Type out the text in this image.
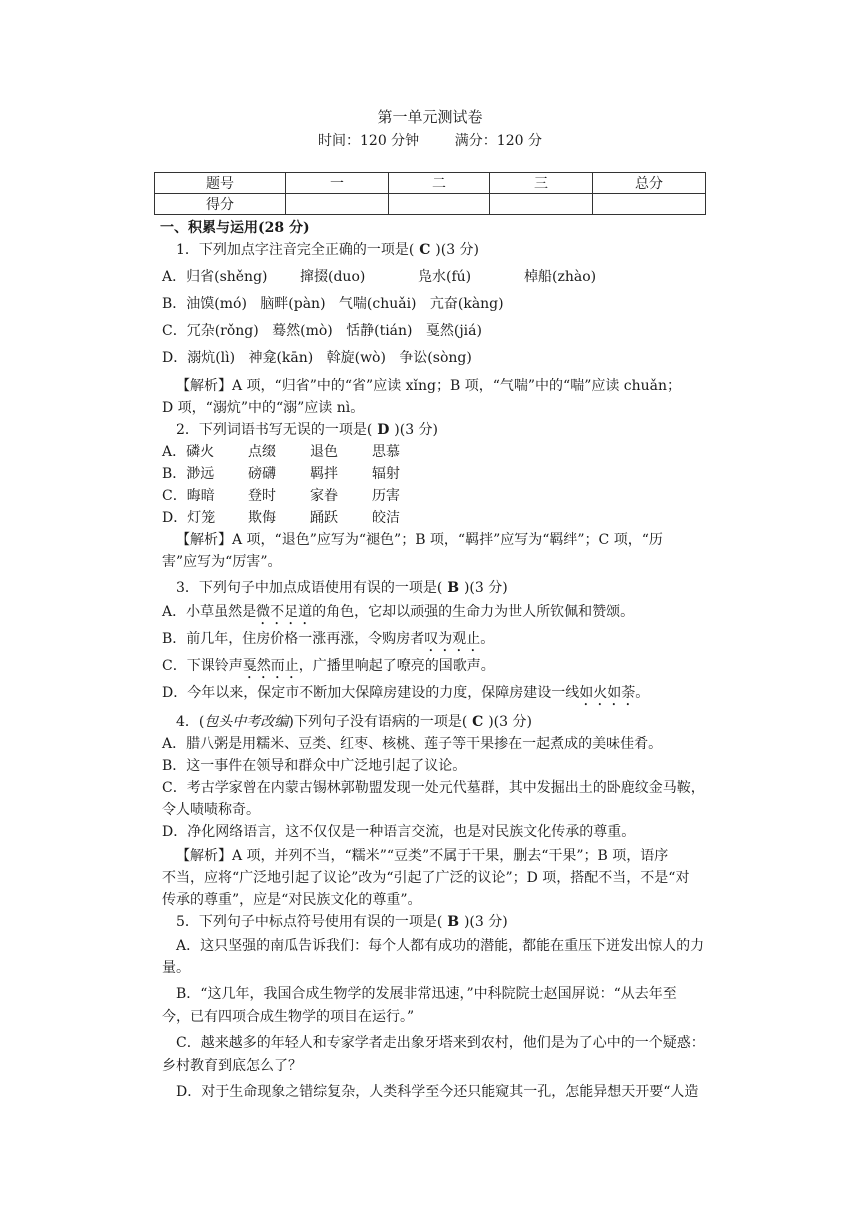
第一单元测试卷
时间：120 分钟        满分：120 分
题号	一	二	三	总分
得分				
一、积累与运用(28 分)
1．下列加点字注音完全正确的一项是( C )(3 分)
A．归省(shěng) 撺掇(duo)	凫水(fú)	棹船(zhào)
B．油馍(mó) 脑畔(pàn) 气喘(chuǎi) 亢奋(kàng)
C．冗杂(rǒng) 蓦然(mò) 恬静(tián) 戛然(jiá)
D．溺炕(lì) 神龛(kān) 斡旋(wò) 争讼(sòng)
【解析】A 项，“归省”中的“省”应读 xǐng；B 项，“气喘”中的“喘”应读 chuǎn；
D 项，“溺炕”中的“溺”应读 nì。
2．下列词语书写无误的一项是( D )(3 分)
A．磷火 点缀 退色 思慕
B．渺远 磅礴 羁拌 辐射
C．晦暗 登时 家眷 历害
D．灯笼 欺侮 踊跃 皎洁
【解析】A 项，“退色”应写为“褪色”；B 项，“羁拌”应写为“羁绊”；C 项，“历
害”应写为“厉害”。
3．下列句子中加点成语使用有误的一项是( B )(3 分)
A．小草虽然是微不足道的角色，它却以顽强的生命力为世人所钦佩和赞颂。
B．前几年，住房价格一涨再涨，令购房者叹为观止。
C．下课铃声戛然而止，广播里响起了嘹亮的国歌声。
D．今年以来，保定市不断加大保障房建设的力度，保障房建设一线如火如荼。
4．(包头中考改编)下列句子没有语病的一项是( C )(3 分)
A．腊八粥是用糯米、豆类、红枣、核桃、莲子等干果掺在一起煮成的美味佳肴。
B．这一事件在领导和群众中广泛地引起了议论。
C．考古学家曾在内蒙古锡林郭勒盟发现一处元代墓群，其中发掘出土的卧鹿纹金马鞍，
令人啧啧称奇。
D．净化网络语言，这不仅仅是一种语言交流，也是对民族文化传承的尊重。
【解析】A 项，并列不当，“糯米”“豆类”不属于干果，删去“干果”；B 项，语序
不当，应将“广泛地引起了议论”改为“引起了广泛的议论”；D 项，搭配不当，不是“对
传承的尊重”，应是“对民族文化的尊重”。
5．下列句子中标点符号使用有误的一项是( B )(3 分)
A．这只坚强的南瓜告诉我们：每个人都有成功的潜能，都能在重压下迸发出惊人的力
量。
B．“这几年，我国合成生物学的发展非常迅速，”中科院院士赵国屏说：“从去年至
今，已有四项合成生物学的项目在运行。”
C．越来越多的年轻人和专家学者走出象牙塔来到农村，他们是为了心中的一个疑惑：
乡村教育到底怎么了？
D．对于生命现象之错综复杂，人类科学至今还只能窥其一孔，怎能异想天开要“人造
